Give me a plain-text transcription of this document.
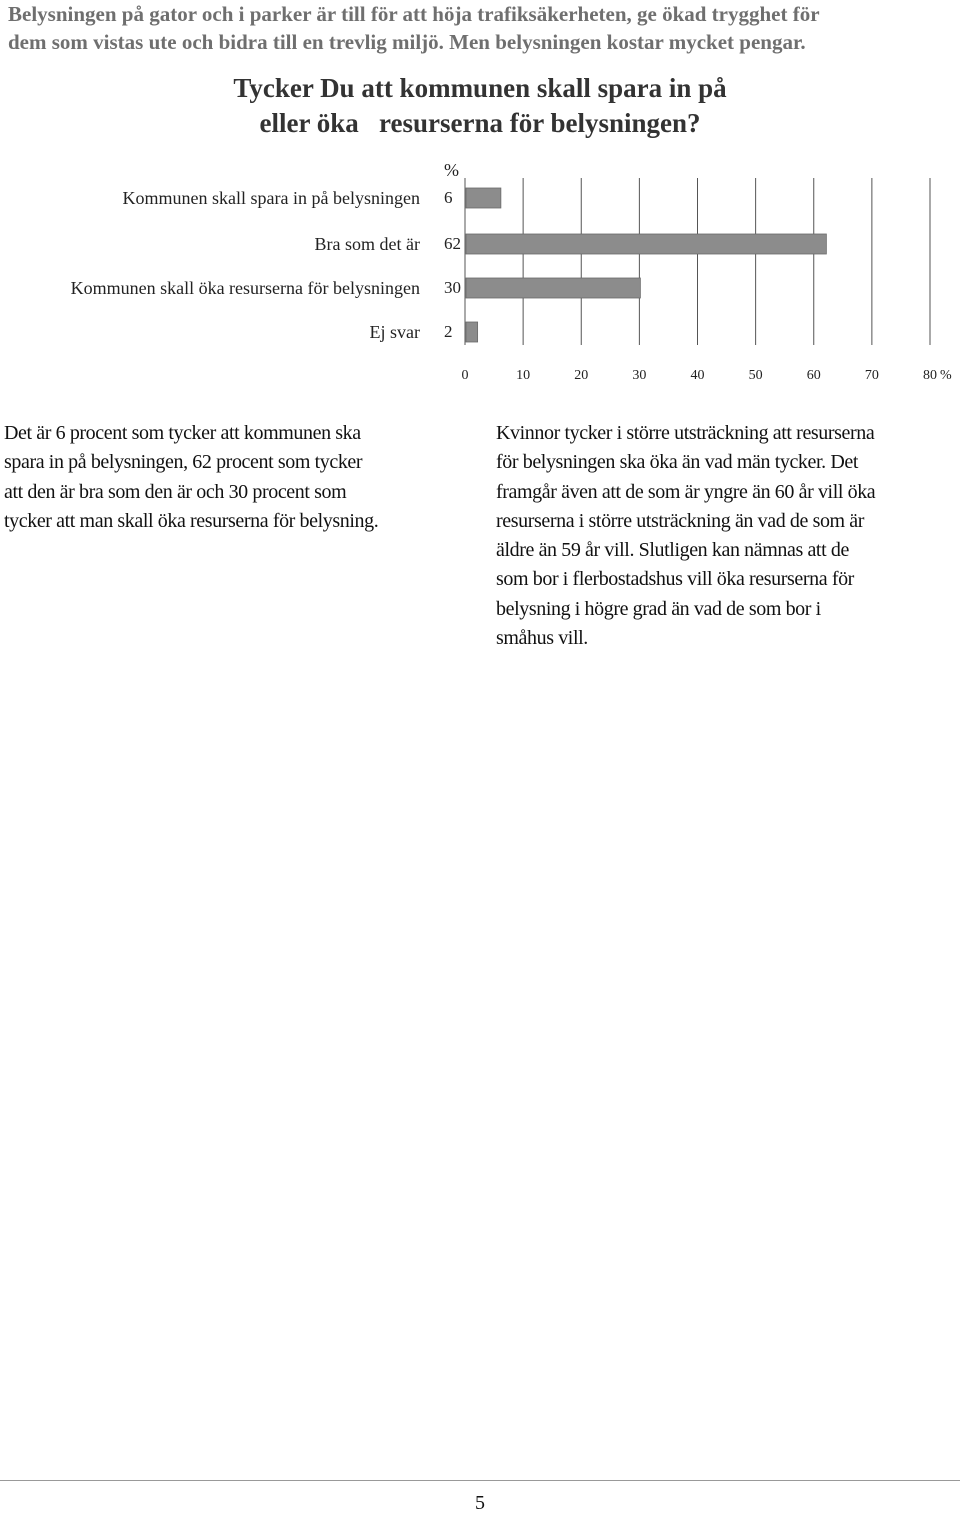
Belysningen på gator och i parker är till för att höja trafiksäkerheten, ge ökad trygghet för
dem som vistas ute och bidra till en trevlig miljö. Men belysningen kostar mycket pengar.
Tycker Du att kommunen skall spara in på
eller öka   resurserna för belysningen?
%
Kommunen skall spara in på belysningen 6
Bra som det är 62
Kommunen skall öka resurserna för belysningen 30
Ej svar 2
0	10	20	30	40	50	60	70	80 %
Det är 6 procent som tycker att kommunen ska
spara in på belysningen, 62 procent som tycker
att den är bra som den är och 30 procent som
tycker att man skall öka resurserna för belysning.
Kvinnor tycker i större utsträckning att resurserna
för belysningen ska öka än vad män tycker. Det
framgår även att de som är yngre än 60 år vill öka
resurserna i större utsträckning än vad de som är
äldre än 59 år vill. Slutligen kan nämnas att de
som bor i flerbostadshus vill öka resurserna för
belysning i högre grad än vad de som bor i
småhus vill.
5
